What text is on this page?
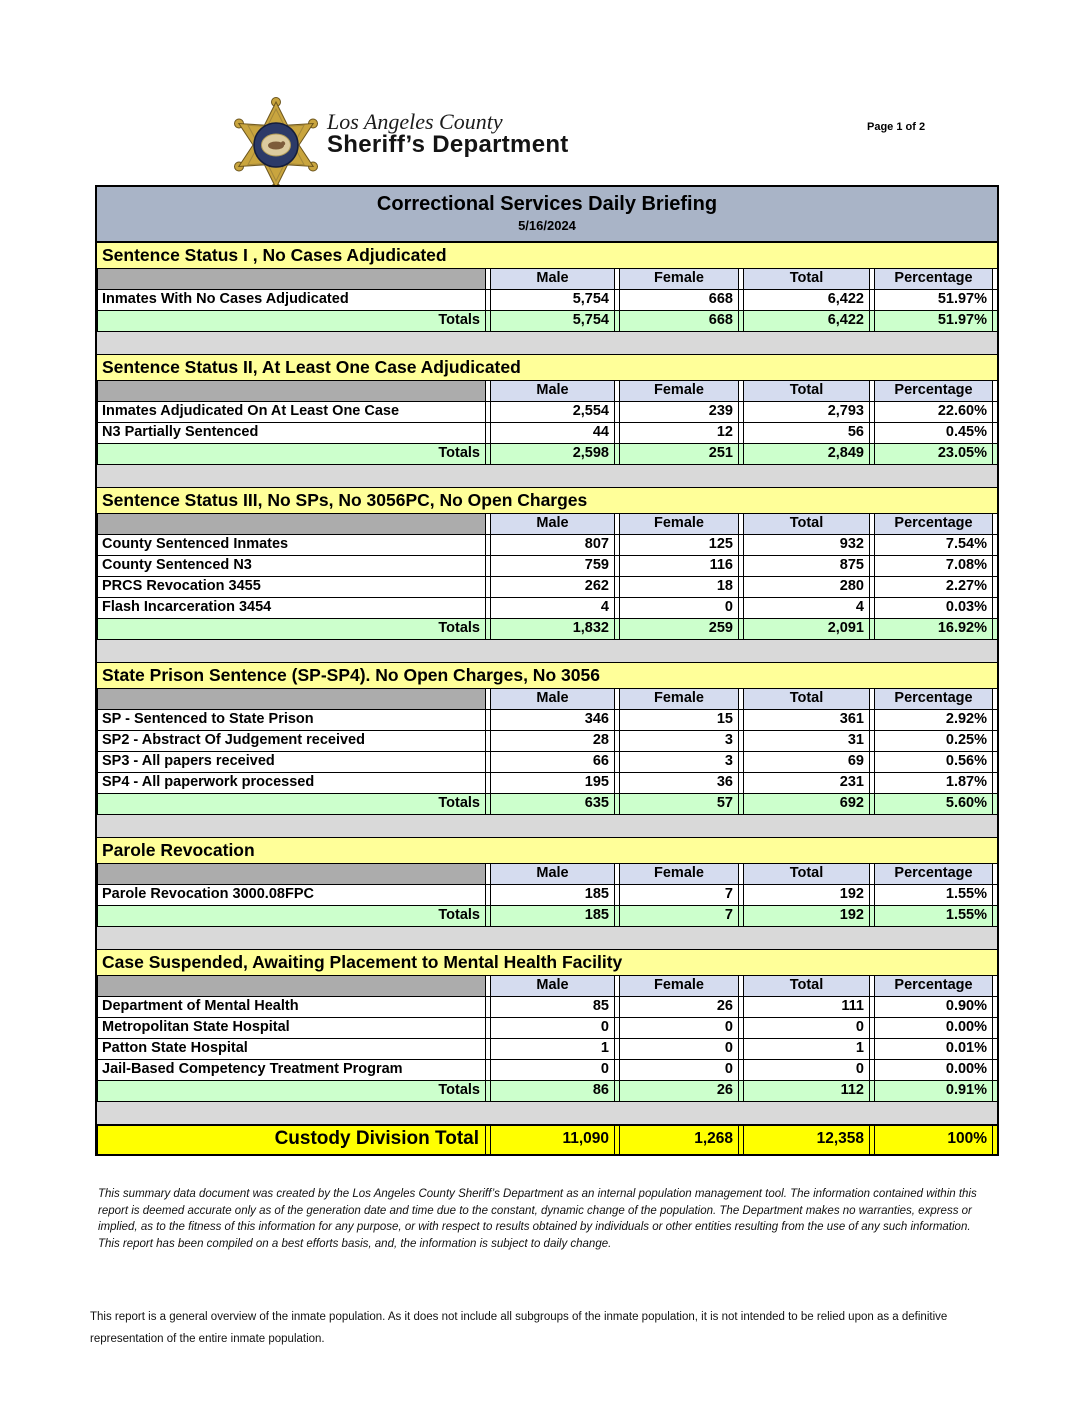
Los Angeles County
Sheriff’s Department
Page 1 of 2
Correctional Services Daily Briefing
5/16/2024
Sentence Status I , No Cases Adjudicated
Male	Female	Total	Percentage
Inmates With No Cases Adjudicated	5,754	668	6,422	51.97%
Totals	5,754	668	6,422	51.97%
Sentence Status II, At Least One Case Adjudicated
Male	Female	Total	Percentage
Inmates Adjudicated On At Least One Case	2,554	239	2,793	22.60%
N3 Partially Sentenced	44	12	56	0.45%
Totals	2,598	251	2,849	23.05%
Sentence Status III, No SPs, No 3056PC, No Open Charges
Male	Female	Total	Percentage
County Sentenced Inmates	807	125	932	7.54%
County Sentenced N3	759	116	875	7.08%
PRCS Revocation 3455	262	18	280	2.27%
Flash Incarceration 3454	4	0	4	0.03%
Totals	1,832	259	2,091	16.92%
State Prison Sentence (SP-SP4). No Open Charges, No 3056
Male	Female	Total	Percentage
SP - Sentenced to State Prison	346	15	361	2.92%
SP2 - Abstract Of Judgement received	28	3	31	0.25%
SP3 - All papers received	66	3	69	0.56%
SP4 - All paperwork processed	195	36	231	1.87%
Totals	635	57	692	5.60%
Parole Revocation
Male	Female	Total	Percentage
Parole Revocation 3000.08FPC	185	7	192	1.55%
Totals	185	7	192	1.55%
Case Suspended, Awaiting Placement to Mental Health Facility
Male	Female	Total	Percentage
Department of Mental Health	85	26	111	0.90%
Metropolitan State Hospital	0	0	0	0.00%
Patton State Hospital	1	0	1	0.01%
Jail-Based Competency Treatment Program	0	0	0	0.00%
Totals	86	26	112	0.91%
Custody Division Total	11,090	1,268	12,358	100%
This summary data document was created by the Los Angeles County Sheriff’s Department as an internal population management tool. The information contained within this report is deemed accurate only as of the generation date and time due to the constant, dynamic change of the population. The Department makes no warranties, express or implied, as to the fitness of this information for any purpose, or with respect to results obtained by individuals or other entities resulting from the use of any such information. This report has been compiled on a best efforts basis, and, the information is subject to daily change.
This report is a general overview of the inmate population. As it does not include all subgroups of the inmate population, it is not intended to be relied upon as a definitive representation of the entire inmate population.
